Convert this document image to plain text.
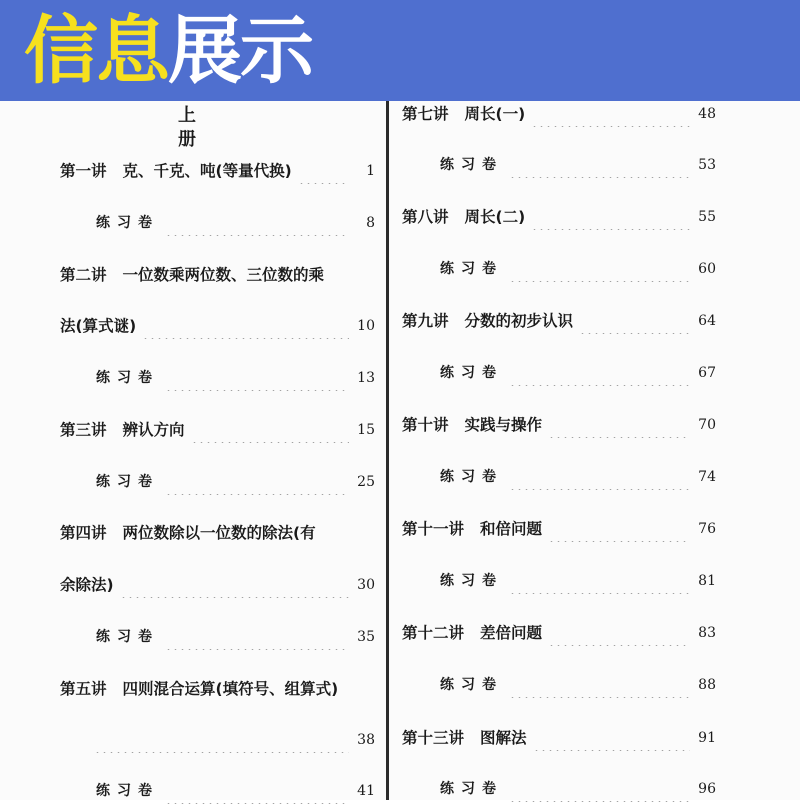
信息展示
上册
第一讲 克、千克、吨(等量代换)	1
练习卷	8
第二讲 一位数乘两位数、三位数的乘
法(算式谜)	10
练习卷	13
第三讲 辨认方向	15
练习卷	25
第四讲 两位数除以一位数的除法(有
余除法)	30
练习卷	35
第五讲 四则混合运算(填符号、组算式)
38
练习卷	41
第七讲 周长(一)	48
练习卷	53
第八讲 周长(二)	55
练习卷	60
第九讲 分数的初步认识	64
练习卷	67
第十讲 实践与操作	70
练习卷	74
第十一讲 和倍问题	76
练习卷	81
第十二讲 差倍问题	83
练习卷	88
第十三讲 图解法	91
练习卷	96
